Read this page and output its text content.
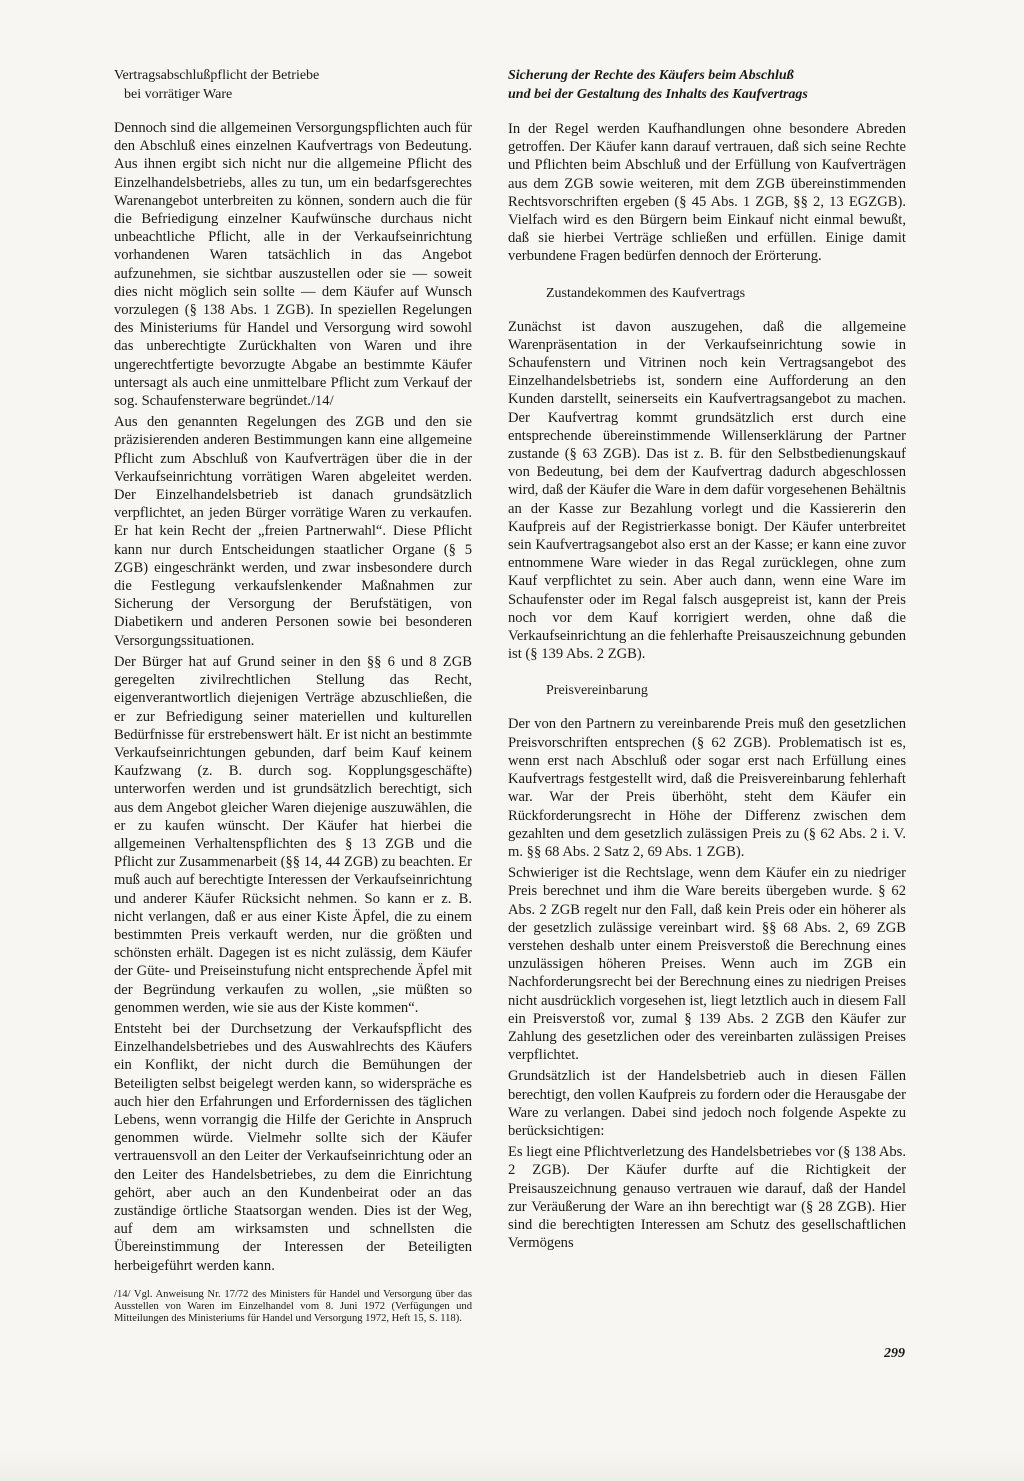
Vertragsabschlußpflicht der Betriebe
bei vorrätiger Ware

Dennoch sind die allgemeinen Versorgungspflichten auch für den Abschluß eines einzelnen Kaufvertrags von Bedeutung. Aus ihnen ergibt sich nicht nur die allgemeine Pflicht des Einzelhandelsbetriebs, alles zu tun, um ein bedarfsgerechtes Warenangebot unterbreiten zu können, sondern auch die für die Befriedigung einzelner Kaufwünsche durchaus nicht unbeachtliche Pflicht, alle in der Verkaufseinrichtung vorhandenen Waren tatsächlich in das Angebot aufzunehmen, sie sichtbar auszustellen oder sie — soweit dies nicht möglich sein sollte — dem Käufer auf Wunsch vorzulegen (§ 138 Abs. 1 ZGB). In speziellen Regelungen des Ministeriums für Handel und Versorgung wird sowohl das unberechtigte Zurückhalten von Waren und ihre ungerechtfertigte bevorzugte Abgabe an bestimmte Käufer untersagt als auch eine unmittelbare Pflicht zum Verkauf der sog. Schaufensterware begründet./14/

Aus den genannten Regelungen des ZGB und den sie präzisierenden anderen Bestimmungen kann eine allgemeine Pflicht zum Abschluß von Kaufverträgen über die in der Verkaufseinrichtung vorrätigen Waren abgeleitet werden. Der Einzelhandelsbetrieb ist danach grundsätzlich verpflichtet, an jeden Bürger vorrätige Waren zu verkaufen. Er hat kein Recht der „freien Partnerwahl“. Diese Pflicht kann nur durch Entscheidungen staatlicher Organe (§ 5 ZGB) eingeschränkt werden, und zwar insbesondere durch die Festlegung verkaufslenkender Maßnahmen zur Sicherung der Versorgung der Berufstätigen, von Diabetikern und anderen Personen sowie bei besonderen Versorgungssituationen.

Der Bürger hat auf Grund seiner in den §§ 6 und 8 ZGB geregelten zivilrechtlichen Stellung das Recht, eigenverantwortlich diejenigen Verträge abzuschließen, die er zur Befriedigung seiner materiellen und kulturellen Bedürfnisse für erstrebenswert hält. Er ist nicht an bestimmte Verkaufseinrichtungen gebunden, darf beim Kauf keinem Kaufzwang (z. B. durch sog. Kopplungsgeschäfte) unterworfen werden und ist grundsätzlich berechtigt, sich aus dem Angebot gleicher Waren diejenige auszuwählen, die er zu kaufen wünscht. Der Käufer hat hierbei die allgemeinen Verhaltenspflichten des § 13 ZGB und die Pflicht zur Zusammenarbeit (§§ 14, 44 ZGB) zu beachten. Er muß auch auf berechtigte Interessen der Verkaufseinrichtung und anderer Käufer Rücksicht nehmen. So kann er z. B. nicht verlangen, daß er aus einer Kiste Äpfel, die zu einem bestimmten Preis verkauft werden, nur die größten und schönsten erhält. Dagegen ist es nicht zulässig, dem Käufer der Güte- und Preiseinstufung nicht entsprechende Äpfel mit der Begründung verkaufen zu wollen, „sie müßten so genommen werden, wie sie aus der Kiste kommen“.

Entsteht bei der Durchsetzung der Verkaufspflicht des Einzelhandelsbetriebes und des Auswahlrechts des Käufers ein Konflikt, der nicht durch die Bemühungen der Beteiligten selbst beigelegt werden kann, so widerspräche es auch hier den Erfahrungen und Erfordernissen des täglichen Lebens, wenn vorrangig die Hilfe der Gerichte in Anspruch genommen würde. Vielmehr sollte sich der Käufer vertrauensvoll an den Leiter der Verkaufseinrichtung oder an den Leiter des Handelsbetriebes, zu dem die Einrichtung gehört, aber auch an den Kundenbeirat oder an das zuständige örtliche Staatsorgan wenden. Dies ist der Weg, auf dem am wirksamsten und schnellsten die Übereinstimmung der Interessen der Beteiligten herbeigeführt werden kann.

/14/ Vgl. Anweisung Nr. 17/72 des Ministers für Handel und Versorgung über das Ausstellen von Waren im Einzelhandel vom 8. Juni 1972 (Verfügungen und Mitteilungen des Ministeriums für Handel und Versorgung 1972, Heft 15, S. 118).

Sicherung der Rechte des Käufers beim Abschluß
und bei der Gestaltung des Inhalts des Kaufvertrags

In der Regel werden Kaufhandlungen ohne besondere Abreden getroffen. Der Käufer kann darauf vertrauen, daß sich seine Rechte und Pflichten beim Abschluß und der Erfüllung von Kaufverträgen aus dem ZGB sowie weiteren, mit dem ZGB übereinstimmenden Rechtsvorschriften ergeben (§ 45 Abs. 1 ZGB, §§ 2, 13 EGZGB). Vielfach wird es den Bürgern beim Einkauf nicht einmal bewußt, daß sie hierbei Verträge schließen und erfüllen. Einige damit verbundene Fragen bedürfen dennoch der Erörterung.

Zustandekommen des Kaufvertrags

Zunächst ist davon auszugehen, daß die allgemeine Warenpräsentation in der Verkaufseinrichtung sowie in Schaufenstern und Vitrinen noch kein Vertragsangebot des Einzelhandelsbetriebs ist, sondern eine Aufforderung an den Kunden darstellt, seinerseits ein Kaufvertragsangebot zu machen. Der Kaufvertrag kommt grundsätzlich erst durch eine entsprechende übereinstimmende Willenserklärung der Partner zustande (§ 63 ZGB). Das ist z. B. für den Selbstbedienungskauf von Bedeutung, bei dem der Kaufvertrag dadurch abgeschlossen wird, daß der Käufer die Ware in dem dafür vorgesehenen Behältnis an der Kasse zur Bezahlung vorlegt und die Kassiererin den Kaufpreis auf der Registrierkasse bonigt. Der Käufer unterbreitet sein Kaufvertragsangebot also erst an der Kasse; er kann eine zuvor entnommene Ware wieder in das Regal zurücklegen, ohne zum Kauf verpflichtet zu sein. Aber auch dann, wenn eine Ware im Schaufenster oder im Regal falsch ausgepreist ist, kann der Preis noch vor dem Kauf korrigiert werden, ohne daß die Verkaufseinrichtung an die fehlerhafte Preisauszeichnung gebunden ist (§ 139 Abs. 2 ZGB).

Preisvereinbarung

Der von den Partnern zu vereinbarende Preis muß den gesetzlichen Preisvorschriften entsprechen (§ 62 ZGB). Problematisch ist es, wenn erst nach Abschluß oder sogar erst nach Erfüllung eines Kaufvertrags festgestellt wird, daß die Preisvereinbarung fehlerhaft war. War der Preis überhöht, steht dem Käufer ein Rückforderungsrecht in Höhe der Differenz zwischen dem gezahlten und dem gesetzlich zulässigen Preis zu (§ 62 Abs. 2 i. V. m. §§ 68 Abs. 2 Satz 2, 69 Abs. 1 ZGB).

Schwieriger ist die Rechtslage, wenn dem Käufer ein zu niedriger Preis berechnet und ihm die Ware bereits übergeben wurde. § 62 Abs. 2 ZGB regelt nur den Fall, daß kein Preis oder ein höherer als der gesetzlich zulässige vereinbart wird. §§ 68 Abs. 2, 69 ZGB verstehen deshalb unter einem Preisverstoß die Berechnung eines unzulässigen höheren Preises. Wenn auch im ZGB ein Nachforderungsrecht bei der Berechnung eines zu niedrigen Preises nicht ausdrücklich vorgesehen ist, liegt letztlich auch in diesem Fall ein Preisverstoß vor, zumal § 139 Abs. 2 ZGB den Käufer zur Zahlung des gesetzlichen oder des vereinbarten zulässigen Preises verpflichtet.

Grundsätzlich ist der Handelsbetrieb auch in diesen Fällen berechtigt, den vollen Kaufpreis zu fordern oder die Herausgabe der Ware zu verlangen. Dabei sind jedoch noch folgende Aspekte zu berücksichtigen:

Es liegt eine Pflichtverletzung des Handelsbetriebes vor (§ 138 Abs. 2 ZGB). Der Käufer durfte auf die Richtigkeit der Preisauszeichnung genauso vertrauen wie darauf, daß der Handel zur Veräußerung der Ware an ihn berechtigt war (§ 28 ZGB). Hier sind die berechtigten Interessen am Schutz des gesellschaftlichen Vermögens

299
